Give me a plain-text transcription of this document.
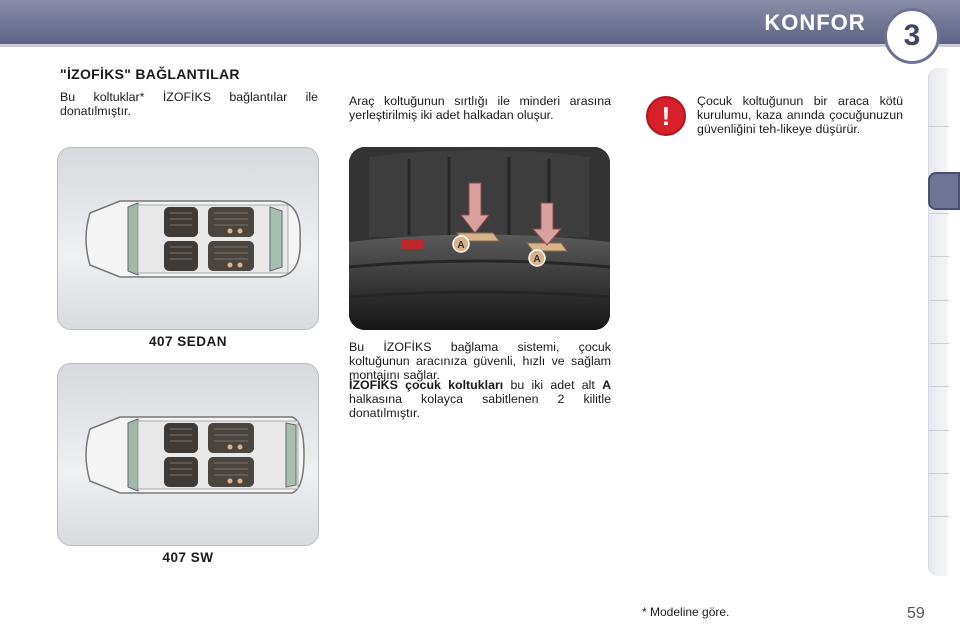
KONFOR 3
"İZOFİKS" BAĞLANTILAR
Bu koltuklar* İZOFİKS bağlantılar ile donatılmıştır.
407 SEDAN
407 SW
Araç koltuğunun sırtlığı ile minderi arasına yerleştirilmiş iki adet halkadan oluşur.
A
A
Bu İZOFİKS bağlama sistemi, çocuk koltuğunun aracınıza güvenli, hızlı ve sağlam montajını sağlar.
İZOFİKS çocuk koltukları bu iki adet alt A halkasına kolayca sabitlenen 2 kilitle donatılmıştır.
! Çocuk koltuğunun bir araca kötü kurulumu, kaza anında çocuğunuzun güvenliğini teh-likeye düşürür.
* Modeline göre.	59
